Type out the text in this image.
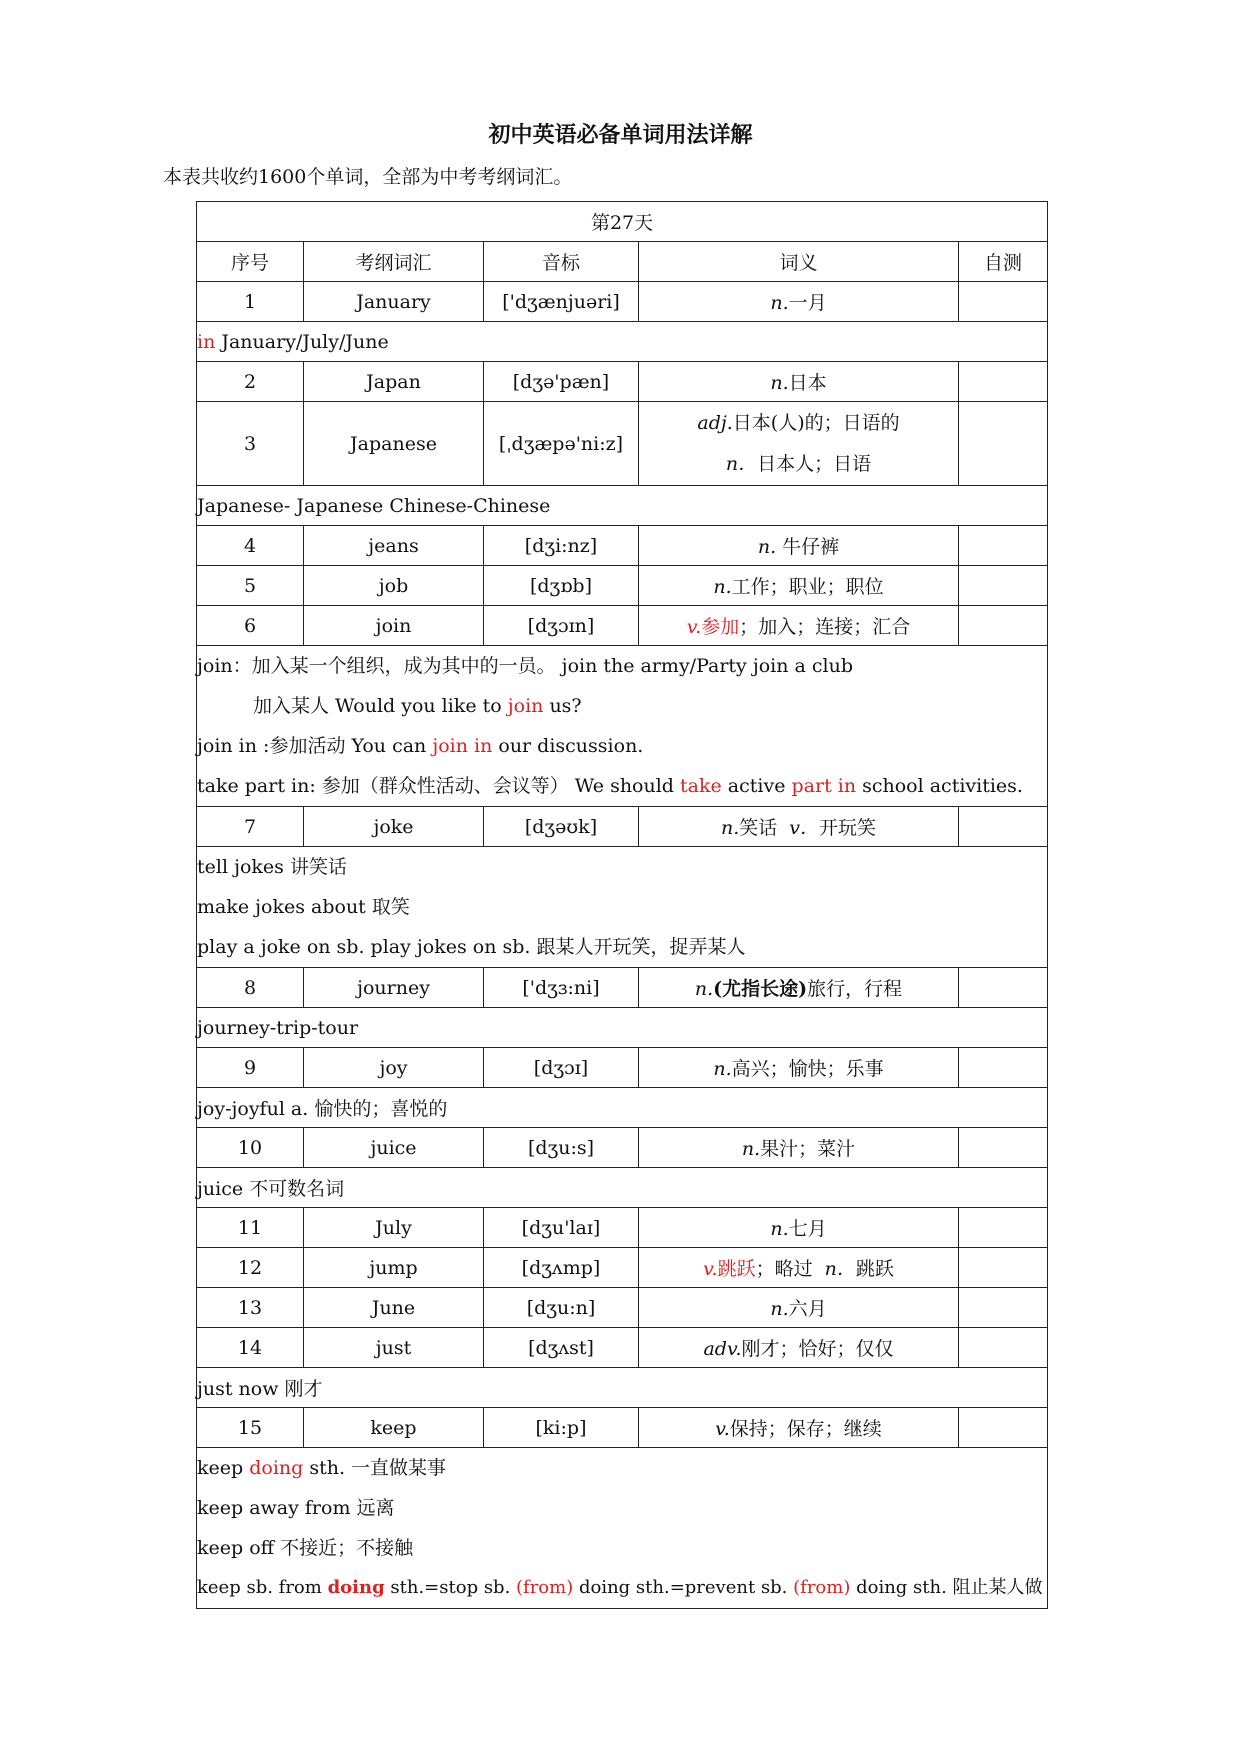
初中英语必备单词用法详解
本表共收约1600个单词，全部为中考考纲词汇。
第27天				
序号	考纲词汇	音标	词义	自测
1	January	['dʒænjuəri]	n.一月	
in January/July/June				
2	Japan	[dʒə'pæn]	n.日本	
3	Japanese	[ˌdʒæpə'ni:z]	adj.日本(人)的；日语的
n．日本人；日语	

Japanese- Japanese Chinese-Chinese				
4	jeans	[dʒi:nz]	n. 牛仔裤	
5	job	[dʒɒb]	n.工作；职业；职位	
6	join	[dʒɔɪn]	v.参加；加入；连接；汇合	

join：加入某一个组织，成为其中的一员。 join the army/Party join a club
加入某人 Would you like to join us?
join in :参加活动 You can join in our discussion.
take part in: 参加（群众性活动、会议等） We should take active part in school activities.				

7	joke	[dʒəʊk]	n.笑话 v．开玩笑	

tell jokes 讲笑话
make jokes about 取笑
play a joke on sb. play jokes on sb. 跟某人开玩笑，捉弄某人				

8	journey	['dʒɜ:ni]	n.(尤指长途)旅行，行程	
journey-trip-tour				
9	joy	[dʒɔɪ]	n.高兴；愉快；乐事	
joy-joyful a. 愉快的；喜悦的				
10	juice	[dʒu:s]	n.果汁；菜汁	
juice 不可数名词				
11	July	[dʒu'laɪ]	n.七月	
12	jump	[dʒʌmp]	v.跳跃；略过 n．跳跃	
13	June	[dʒu:n]	n.六月	
14	just	[dʒʌst]	adv.刚才；恰好；仅仅	
just now 刚才				
15	keep	[ki:p]	v.保持；保存；继续	

keep doing sth. 一直做某事
keep away from 远离
keep off 不接近；不接触
keep sb. from doing sth.=stop sb. (from) doing sth.=prevent sb. (from) doing sth. 阻止某人做				
